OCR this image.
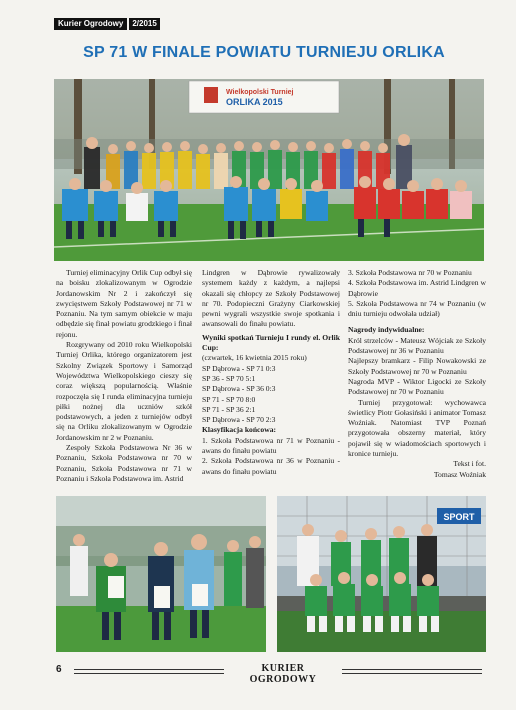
Kurier Ogrodowy	2/2015
SP 71 W FINALE POWIATU TURNIEJU ORLIKA
Wielkopolski Turniej
ORLIKA 2015

Turniej eliminacyjny Orlik Cup odbył się na boisku zlokalizowanym w Ogrodzie Jordanowskim Nr 2 i zakończył się zwycięstwem Szkoły Podstawowej nr 71 w Poznaniu. Na tym samym obiekcie w maju odbędzie się finał powiatu grodzkiego i finał rejonu.

Rozgrywany od 2010 roku Wielkopolski Turniej Orlika, którego organizatorem jest Szkolny Związek Sportowy i Samorząd Województwa Wielkopolskiego cieszy się coraz większą popularnością. Właśnie rozpoczęła się I runda eliminacyjna turnieju piłki nożnej dla uczniów szkół podstawowych, a jeden z turniejów odbył się na Orliku zlokalizowanym w Ogrodzie Jordanowskim nr 2 w Poznaniu.

Zespoły Szkoła Podstawowa Nr 36 w Poznaniu, Szkoła Podstawowa nr 70 w Poznaniu, Szkoła Podstawowa nr 71 w Poznaniu i Szkoła Podstawowa im. Astrid

Lindgren w Dąbrowie rywalizowały systemem każdy z każdym, a najlepsi okazali się chłopcy ze Szkoły Podstawowej nr 70. Podopieczni Grażyny Ciarkowskiej pewni wygrali wszystkie swoje spotkania i awansowali do finału powiatu.

Wyniki spotkań Turnieju I rundy el. Orlik Cup:

(czwartek, 16 kwietnia 2015 roku)

SP Dąbrowa - SP 71 0:3

SP 36 - SP 70 5:1

SP Dąbrowa - SP 36 0:3

SP 71 - SP 70 8:0

SP 71 - SP 36 2:1

SP Dąbrowa - SP 70 2:3

Klasyfikacja końcowa:

1. Szkoła Podstawowa nr 71 w Poznaniu - awans do finału powiatu

2. Szkoła Podstawowa nr 36 w Poznaniu - awans do finału powiatu

3. Szkoła Podstawowa nr 70 w Poznaniu

4. Szkoła Podstawowa im. Astrid Lindgren w Dąbrowie

5. Szkoła Podstawowa nr 74 w Poznaniu (w dniu turnieju odwołała udział)

Nagrody indywidualne:

Król strzelców - Mateusz Wójciak ze Szkoły Podstawowej nr 36 w Poznaniu

Najlepszy bramkarz - Filip Nowakowski ze Szkoły Podstawowej nr 70 w Poznaniu

Nagroda MVP - Wiktor Ligocki ze Szkoły Podstawowej nr 70 w Poznaniu

Turniej przygotował: wychowawca świetlicy Piotr Gołasiński i animator Tomasz Woźniak. Natomiast TVP Poznań przygotowała obszerny materiał, który pojawił się w wiadomościach sportowych i kronice turnieju.

Tekst i fot.

Tomasz Woźniak

SPORT
6	KURIER OGRODOWY
